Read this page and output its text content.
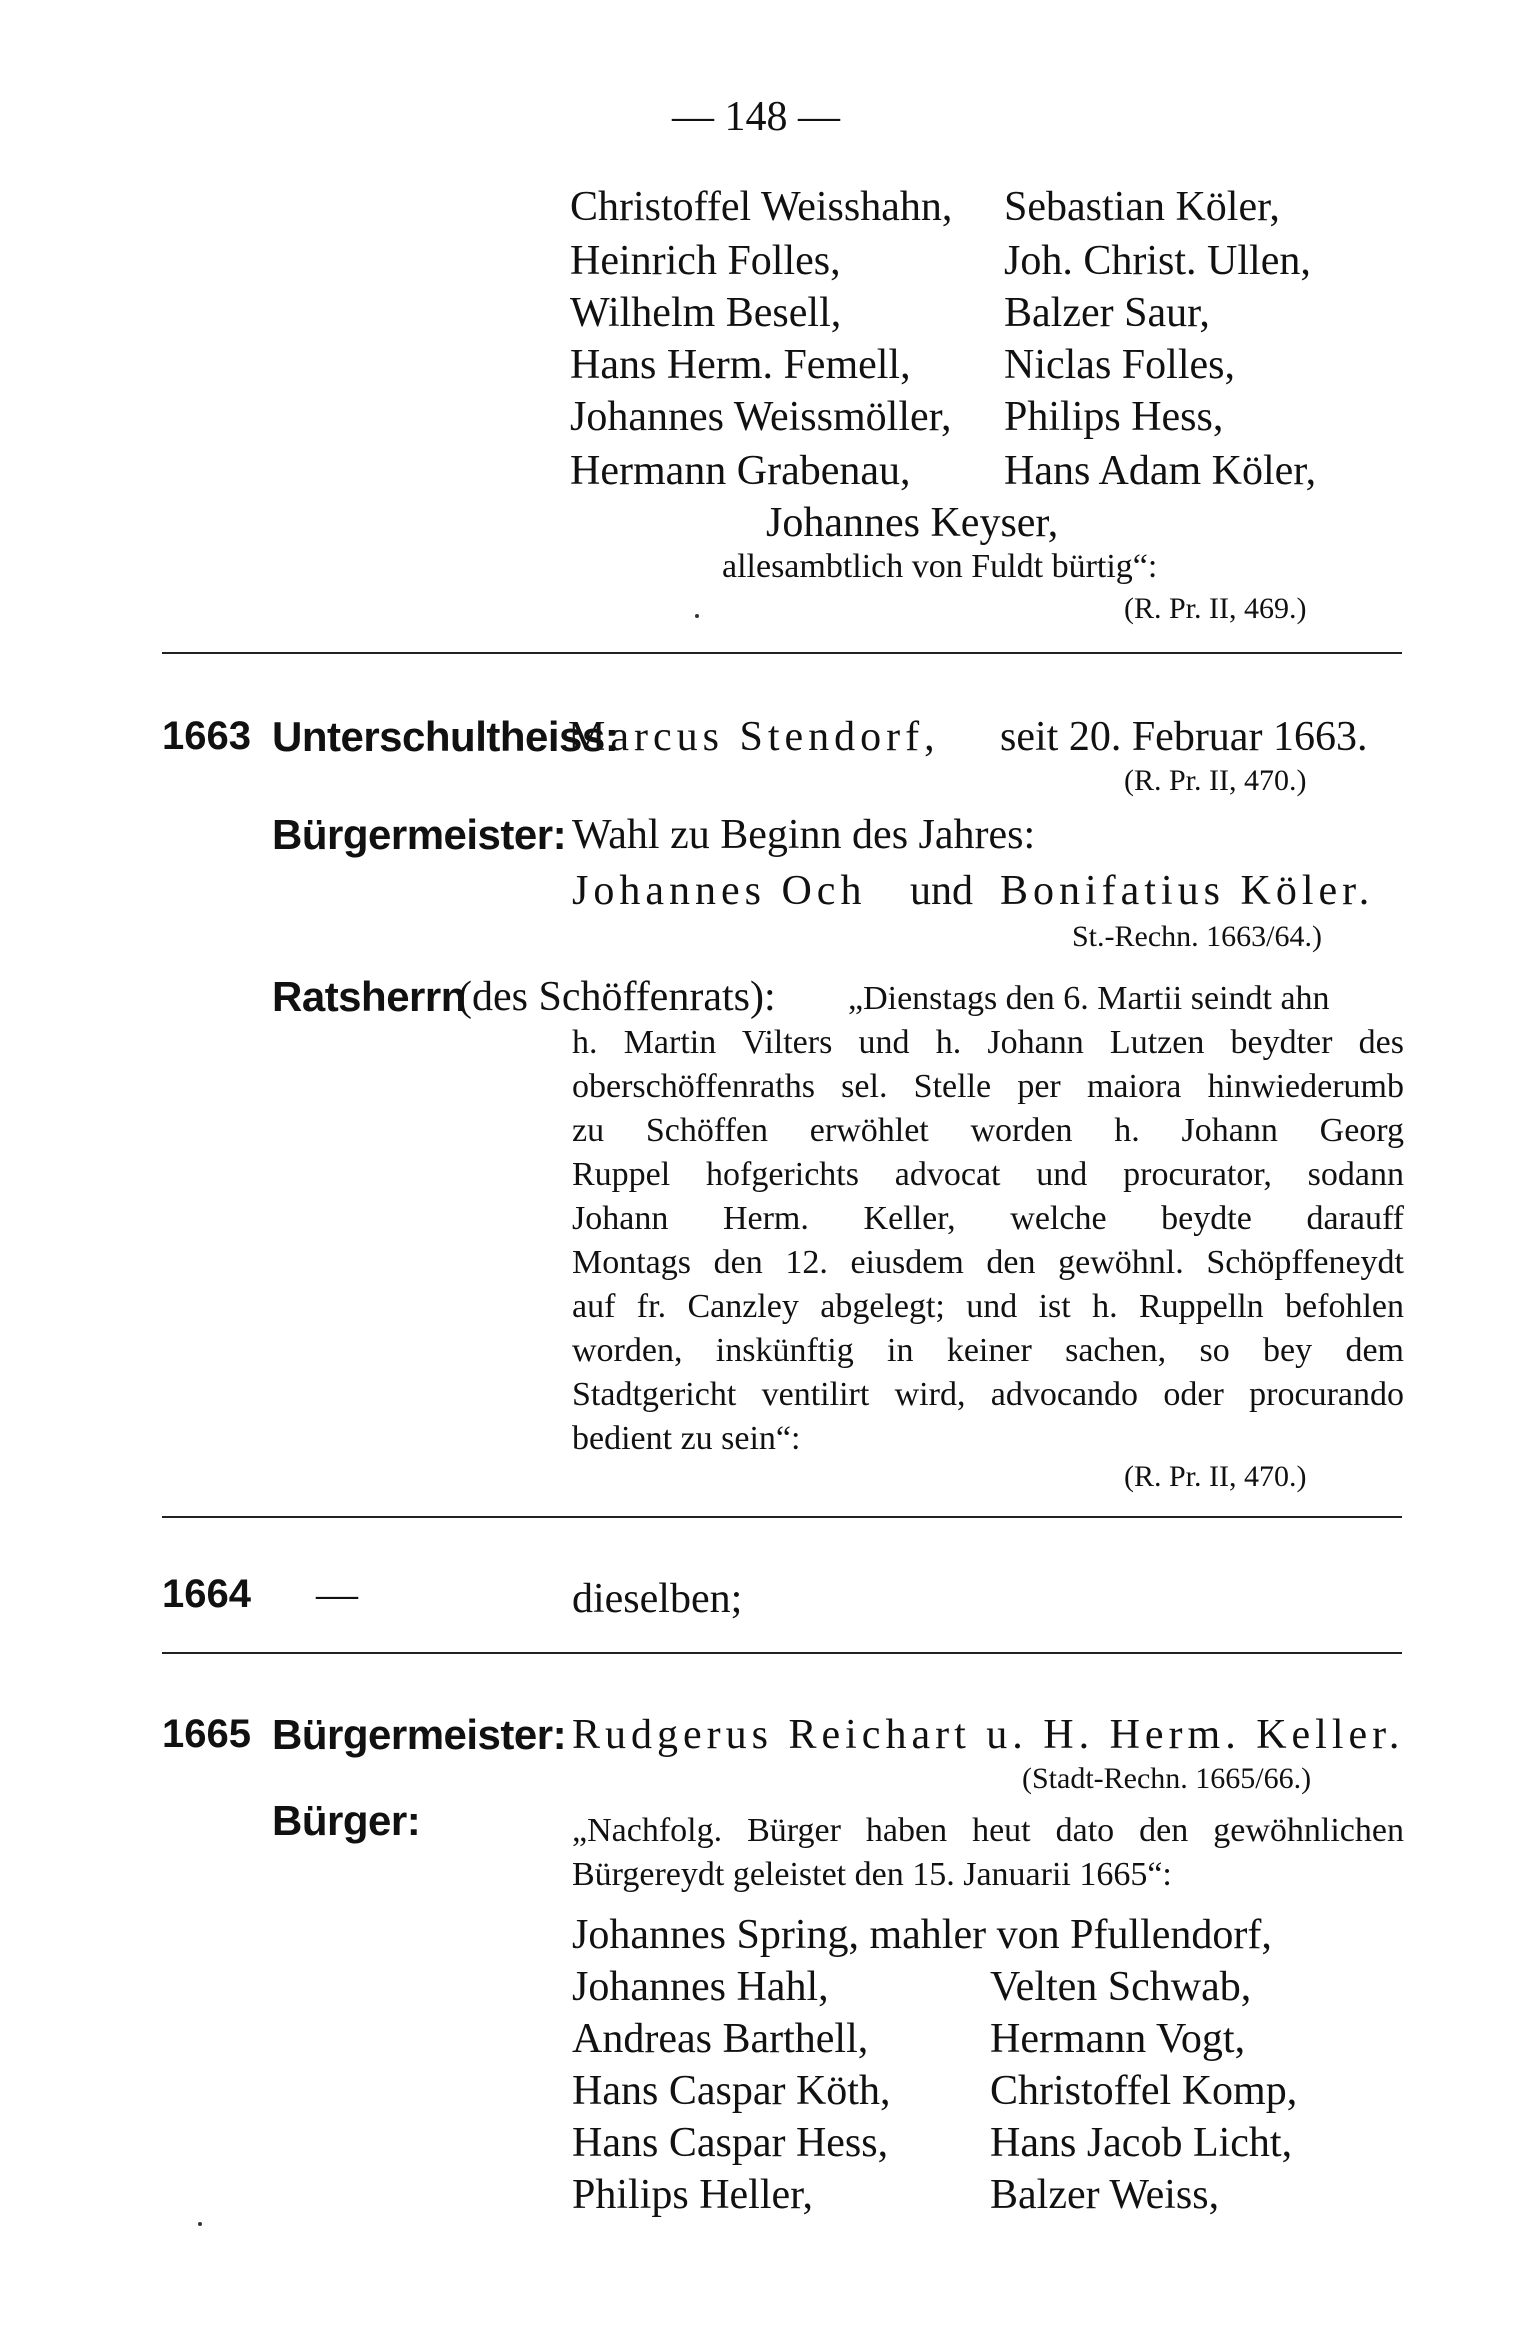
— 148 —
Christoffel Weisshahn,
Heinrich Folles,
Wilhelm Besell,
Hans Herm. Femell,
Johannes Weissmöller,
Hermann Grabenau,
Sebastian Köler,
Joh. Christ. Ullen,
Balzer Saur,
Niclas Folles,
Philips Hess,
Hans Adam Köler,
Johannes Keyser,
allesambtlich von Fuldt bürtig“:
(R. Pr. II, 469.)
1663 Unterschultheiss:
Marcus Stendorf, seit 20. Februar 1663.
(R. Pr. II, 470.)
Bürgermeister: Wahl zu Beginn des Jahres:
Johannes Och und Bonifatius Köler.
St.-Rechn. 1663/64.)
Ratsherrn
(des Schöffenrats): „Dienstags den 6. Martii seindt ahn
h. Martin Vilters und h. Johann Lutzen beydter des
oberschöffenraths sel. Stelle per maiora hinwiederumb
zu Schöffen erwöhlet worden h. Johann Georg
Ruppel hofgerichts advocat und procurator, sodann
Johann Herm. Keller, welche beydte darauff
Montags den 12. eiusdem den gewöhnl. Schöpffeneydt
auf fr. Canzley abgelegt; und ist h. Ruppelln befohlen
worden, inskünftig in keiner sachen, so bey dem
Stadtgericht ventilirt wird, advocando oder procurando
bedient zu sein“:
(R. Pr. II, 470.)
1664 —	dieselben;
1665 Bürgermeister: Rudgerus Reichart u. H. Herm. Keller.
(Stadt-Rechn. 1665/66.)
Bürger:	„Nachfolg. Bürger haben heut dato den gewöhnlichen
Bürgereydt geleistet den 15. Januarii 1665“:
Johannes Spring, mahler von Pfullendorf,
Johannes Hahl,
Andreas Barthell,
Hans Caspar Köth,
Hans Caspar Hess,
Philips Heller,
Velten Schwab,
Hermann Vogt,
Christoffel Komp,
Hans Jacob Licht,
Balzer Weiss,
